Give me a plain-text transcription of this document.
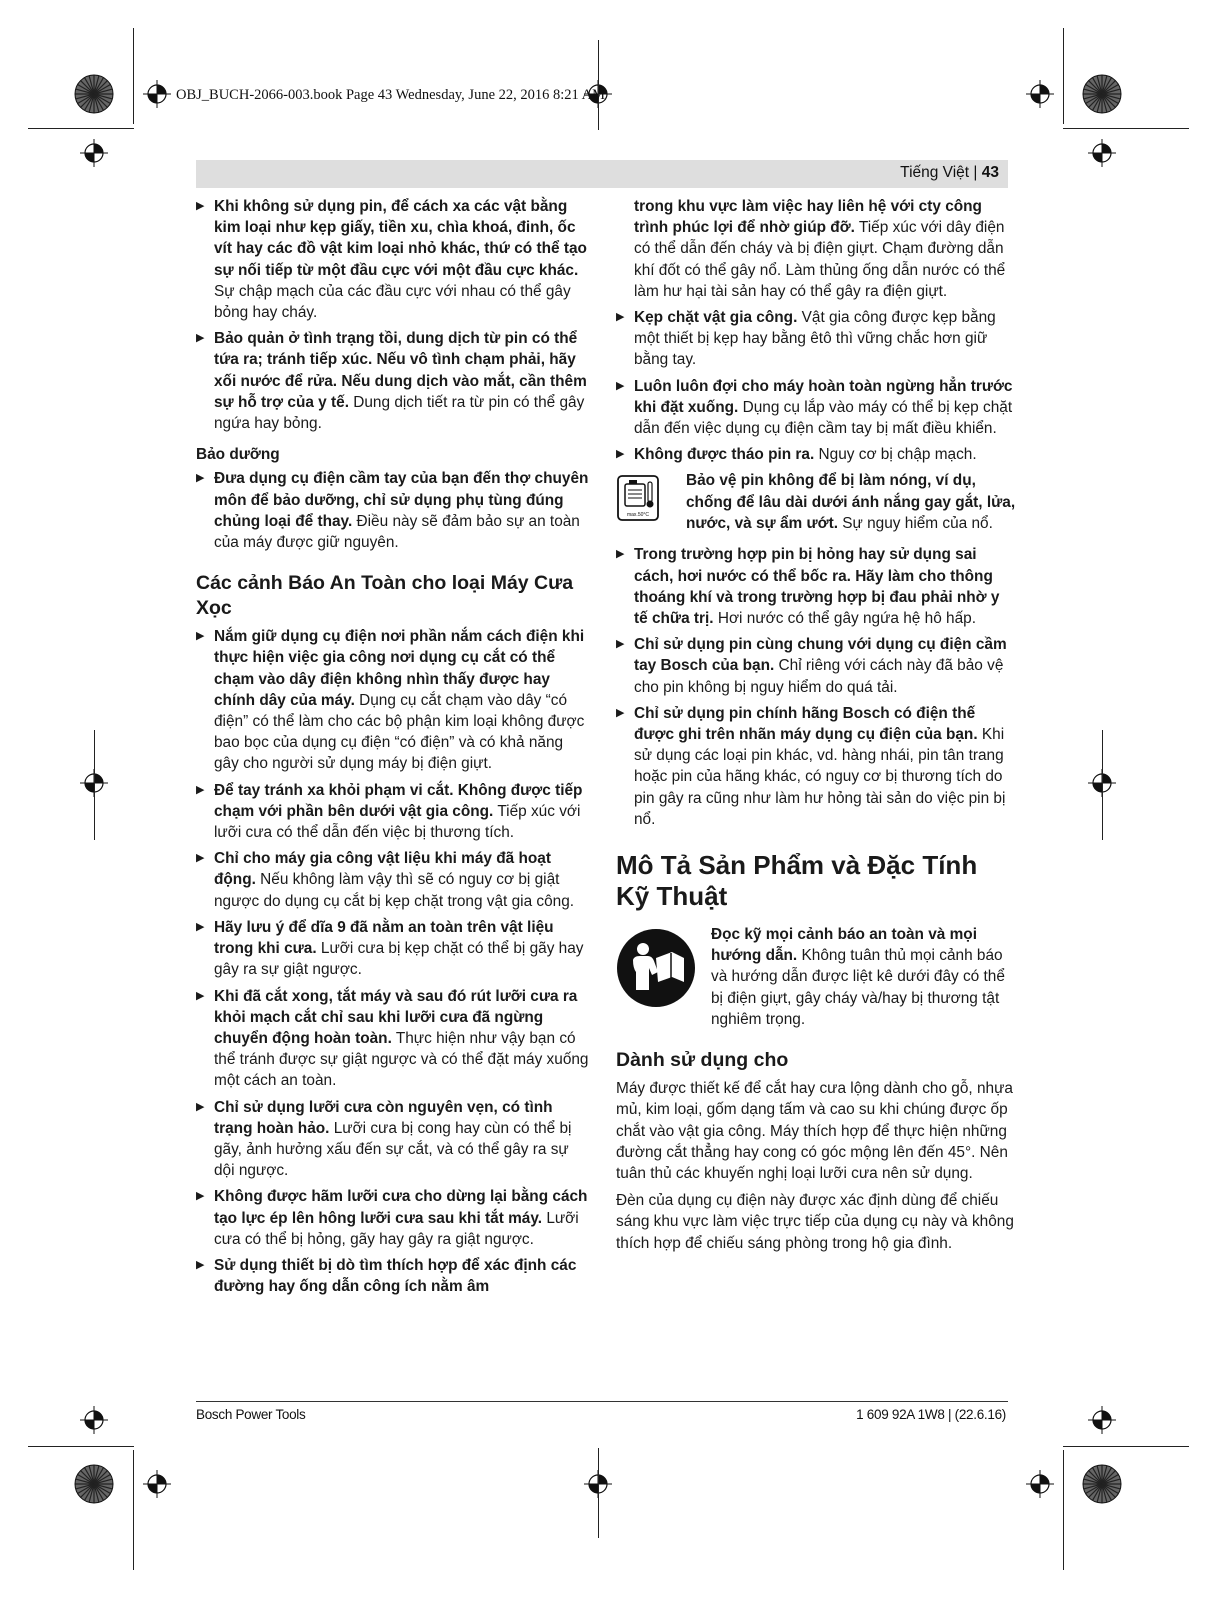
OBJ_BUCH-2066-003.book Page 43 Wednesday, June 22, 2016 8:21 AM
Tiếng Việt | 43
▶ Khi không sử dụng pin, để cách xa các vật bằng kim loại như kẹp giấy, tiền xu, chìa khoá, đinh, ốc vít hay các đồ vật kim loại nhỏ khác, thứ có thể tạo sự nối tiếp từ một đầu cực với một đầu cực khác. Sự chập mạch của các đầu cực với nhau có thể gây bỏng hay cháy.
▶ Bảo quản ở tình trạng tồi, dung dịch từ pin có thể tứa ra; tránh tiếp xúc. Nếu vô tình chạm phải, hãy xối nước để rửa. Nếu dung dịch vào mắt, cần thêm sự hỗ trợ của y tế. Dung dịch tiết ra từ pin có thể gây ngứa hay bỏng.
Bảo dưỡng
▶ Đưa dụng cụ điện cầm tay của bạn đến thợ chuyên môn để bảo dưỡng, chỉ sử dụng phụ tùng đúng chủng loại để thay. Điều này sẽ đảm bảo sự an toàn của máy được giữ nguyên.
Các cảnh Báo An Toàn cho loại Máy Cưa Xọc
▶ Nắm giữ dụng cụ điện nơi phần nắm cách điện khi thực hiện việc gia công nơi dụng cụ cắt có thể chạm vào dây điện không nhìn thấy được hay chính dây của máy. Dụng cụ cắt chạm vào dây “có điện” có thể làm cho các bộ phận kim loại không được bao bọc của dụng cụ điện “có điện” và có khả năng gây cho người sử dụng máy bị điện giựt.
▶ Để tay tránh xa khỏi phạm vi cắt. Không được tiếp chạm với phần bên dưới vật gia công. Tiếp xúc với lưỡi cưa có thể dẫn đến việc bị thương tích.
▶ Chỉ cho máy gia công vật liệu khi máy đã hoạt động. Nếu không làm vậy thì sẽ có nguy cơ bị giật ngược do dụng cụ cắt bị kẹp chặt trong vật gia công.
▶ Hãy lưu ý để dĩa 9 đã nằm an toàn trên vật liệu trong khi cưa. Lưỡi cưa bị kẹp chặt có thể bị gãy hay gây ra sự giật ngược.
▶ Khi đã cắt xong, tắt máy và sau đó rút lưỡi cưa ra khỏi mạch cắt chỉ sau khi lưỡi cưa đã ngừng chuyển động hoàn toàn. Thực hiện như vậy bạn có thể tránh được sự giật ngược và có thể đặt máy xuống một cách an toàn.
▶ Chỉ sử dụng lưỡi cưa còn nguyên vẹn, có tình trạng hoàn hảo. Lưỡi cưa bị cong hay cùn có thể bị gãy, ảnh hưởng xấu đến sự cắt, và có thể gây ra sự dội ngược.
▶ Không được hãm lưỡi cưa cho dừng lại bằng cách tạo lực ép lên hông lưỡi cưa sau khi tắt máy. Lưỡi cưa có thể bị hỏng, gãy hay gây ra giật ngược.
▶ Sử dụng thiết bị dò tìm thích hợp để xác định các đường hay ống dẫn công ích nằm âm
trong khu vực làm việc hay liên hệ với cty công trình phúc lợi để nhờ giúp đỡ. Tiếp xúc với dây điện có thể dẫn đến cháy và bị điện giựt. Chạm đường dẫn khí đốt có thể gây nổ. Làm thủng ống dẫn nước có thể làm hư hại tài sản hay có thể gây ra điện giựt.
▶ Kẹp chặt vật gia công. Vật gia công được kẹp bằng một thiết bị kẹp hay bằng êtô thì vững chắc hơn giữ bằng tay.
▶ Luôn luôn đợi cho máy hoàn toàn ngừng hẳn trước khi đặt xuống. Dụng cụ lắp vào máy có thể bị kẹp chặt dẫn đến việc dụng cụ điện cầm tay bị mất điều khiển.
▶ Không được tháo pin ra. Nguy cơ bị chập mạch.
max.50°C
Bảo vệ pin không để bị làm nóng, ví dụ, chống để lâu dài dưới ánh nắng gay gắt, lửa, nước, và sự ẩm ướt. Sự nguy hiểm của nổ.
▶ Trong trường hợp pin bị hỏng hay sử dụng sai cách, hơi nước có thể bốc ra. Hãy làm cho thông thoáng khí và trong trường hợp bị đau phải nhờ y tế chữa trị. Hơi nước có thể gây ngứa hệ hô hấp.
▶ Chỉ sử dụng pin cùng chung với dụng cụ điện cầm tay Bosch của bạn. Chỉ riêng với cách này đã bảo vệ cho pin không bị nguy hiểm do quá tải.
▶ Chỉ sử dụng pin chính hãng Bosch có điện thế được ghi trên nhãn máy dụng cụ điện của bạn. Khi sử dụng các loại pin khác, vd. hàng nhái, pin tân trang hoặc pin của hãng khác, có nguy cơ bị thương tích do pin gây ra cũng như làm hư hỏng tài sản do việc pin bị nổ.
Mô Tả Sản Phẩm và Đặc Tính Kỹ Thuật
Đọc kỹ mọi cảnh báo an toàn và mọi hướng dẫn. Không tuân thủ mọi cảnh báo và hướng dẫn được liệt kê dưới đây có thể bị điện giựt, gây cháy và/hay bị thương tật nghiêm trọng.
Dành sử dụng cho
Máy được thiết kế để cắt hay cưa lộng dành cho gỗ, nhựa mủ, kim loại, gốm dạng tấm và cao su khi chúng được ốp chắt vào vật gia công. Máy thích hợp để thực hiện những đường cắt thẳng hay cong có góc mộng lên đến 45°. Nên tuân thủ các khuyến nghị loại lưỡi cưa nên sử dụng.
Đèn của dụng cụ điện này được xác định dùng để chiếu sáng khu vực làm việc trực tiếp của dụng cụ này và không thích hợp để chiếu sáng phòng trong hộ gia đình.
Bosch Power Tools	1 609 92A 1W8 | (22.6.16)
